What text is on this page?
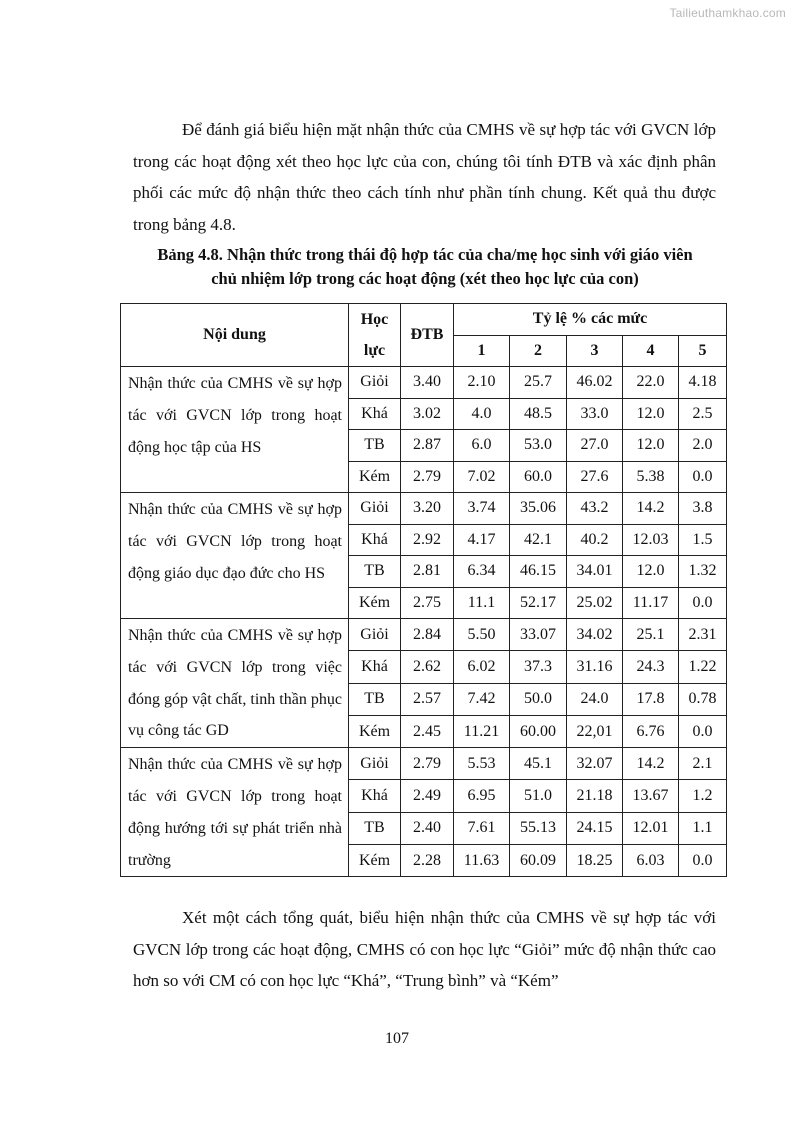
Tailieuthamkhao.com

Để đánh giá biểu hiện mặt nhận thức của CMHS về sự hợp tác với GVCN lớp trong các hoạt động xét theo học lực của con, chúng tôi tính ĐTB và xác định phân phối các mức độ nhận thức theo cách tính như phần tính chung. Kết quả thu được trong bảng 4.8.

Bảng 4.8. Nhận thức trong thái độ hợp tác của cha/mẹ học sinh với giáo viên
chủ nhiệm lớp trong các hoạt động (xét theo học lực của con)
Nội dung	Học lực	ĐTB	Tỷ lệ % các mức				
			1	2	3	4	5
Nhận thức của CMHS về sự hợp tác với GVCN lớp trong hoạt động học tập của HS	Giỏi	3.40	2.10	25.7	46.02	22.0	4.18
	Khá	3.02	4.0	48.5	33.0	12.0	2.5
	TB	2.87	6.0	53.0	27.0	12.0	2.0
	Kém	2.79	7.02	60.0	27.6	5.38	0.0
Nhận thức của CMHS về sự hợp tác với GVCN lớp trong hoạt động giáo dục đạo đức cho HS	Giỏi	3.20	3.74	35.06	43.2	14.2	3.8
	Khá	2.92	4.17	42.1	40.2	12.03	1.5
	TB	2.81	6.34	46.15	34.01	12.0	1.32
	Kém	2.75	11.1	52.17	25.02	11.17	0.0
Nhận thức của CMHS về sự hợp tác với GVCN lớp trong việc đóng góp vật chất, tinh thần phục vụ công tác GD	Giỏi	2.84	5.50	33.07	34.02	25.1	2.31
	Khá	2.62	6.02	37.3	31.16	24.3	1.22
	TB	2.57	7.42	50.0	24.0	17.8	0.78
	Kém	2.45	11.21	60.00	22,01	6.76	0.0
Nhận thức của CMHS về sự hợp tác với GVCN lớp trong hoạt động hướng tới sự phát triển nhà trường	Giỏi	2.79	5.53	45.1	32.07	14.2	2.1
	Khá	2.49	6.95	51.0	21.18	13.67	1.2
	TB	2.40	7.61	55.13	24.15	12.01	1.1
	Kém	2.28	11.63	60.09	18.25	6.03	0.0

Xét một cách tổng quát, biểu hiện nhận thức của CMHS về sự hợp tác với GVCN lớp trong các hoạt động, CMHS có con học lực “Giỏi” mức độ nhận thức cao hơn so với CM có con học lực “Khá”, “Trung bình” và “Kém”

107
